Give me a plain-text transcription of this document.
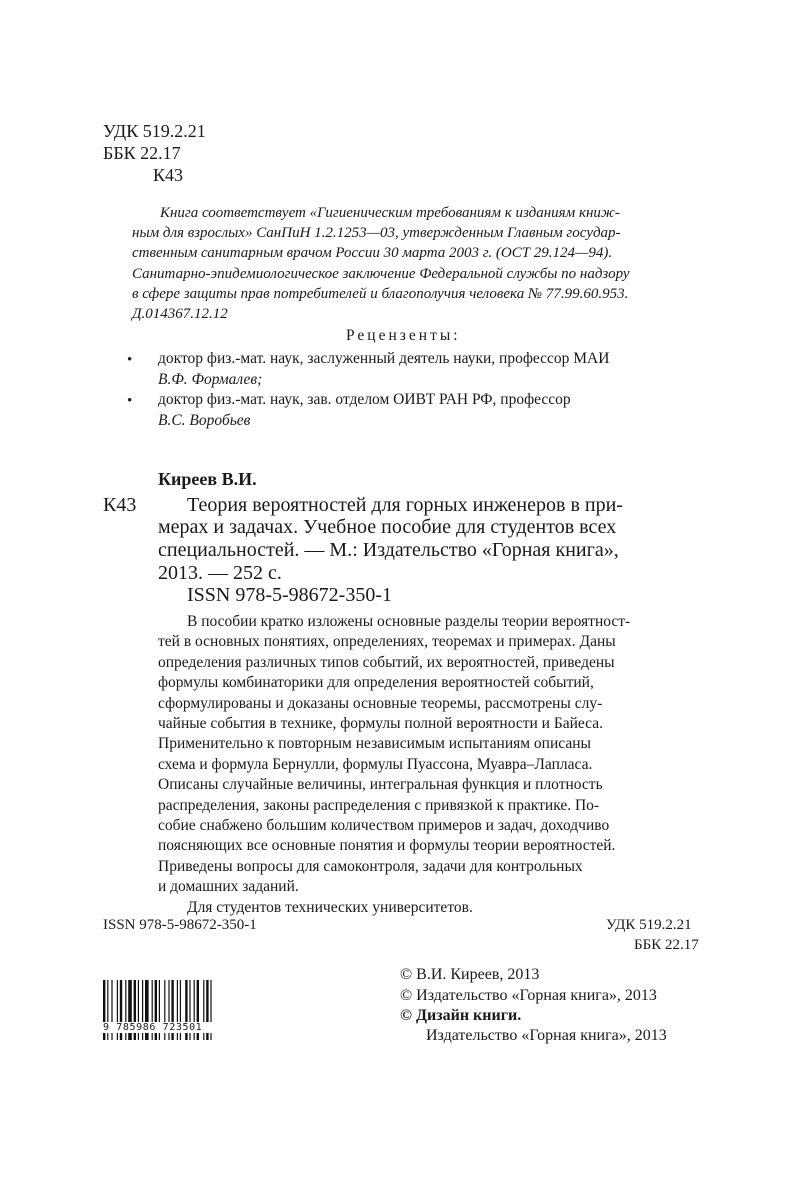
УДК 519.2.21
ББК 22.17
К43
Книга соответствует «Гигиеническим требованиям к изданиям книж-
ным для взрослых» СанПиН 1.2.1253—03, утвержденным Главным государ-
ственным санитарным врачом России 30 марта 2003 г. (ОСТ 29.124—94).
Санитарно-эпидемиологическое заключение Федеральной службы по надзору
в сфере защиты прав потребителей и благополучия человека № 77.99.60.953.
Д.014367.12.12
Рецензенты:
• доктор физ.-мат. наук, заслуженный деятель науки, профессор МАИ
В.Ф. Формалев;
• доктор физ.-мат. наук, зав. отделом ОИВТ РАН РФ, профессор
В.С. Воробьев
Киреев В.И.
К43	Теория вероятностей для горных инженеров в при-
мерах и задачах. Учебное пособие для студентов всех
специальностей. — М.: Издательство «Горная книга»,
2013. — 252 с.
ISSN 978-5-98672-350-1
В пособии кратко изложены основные разделы теории вероятност-
тей в основных понятиях, определениях, теоремах и примерах. Даны
определения различных типов событий, их вероятностей, приведены
формулы комбинаторики для определения вероятностей событий,
сформулированы и доказаны основные теоремы, рассмотрены слу-
чайные события в технике, формулы полной вероятности и Байеса.
Применительно к повторным независимым испытаниям описаны
схема и формула Бернулли, формулы Пуассона, Муавра–Лапласа.
Описаны случайные величины, интегральная функция и плотность
распределения, законы распределения с привязкой к практике. По-
собие снабжено большим количеством примеров и задач, доходчиво
поясняющих все основные понятия и формулы теории вероятностей.
Приведены вопросы для самоконтроля, задачи для контрольных
и домашних заданий.
Для студентов технических университетов.
ISSN 978-5-98672-350-1	УДК 519.2.21
ББК 22.17
9 785986 723501
© В.И. Киреев, 2013
© Издательство «Горная книга», 2013
© Дизайн книги.
Издательство «Горная книга», 2013
